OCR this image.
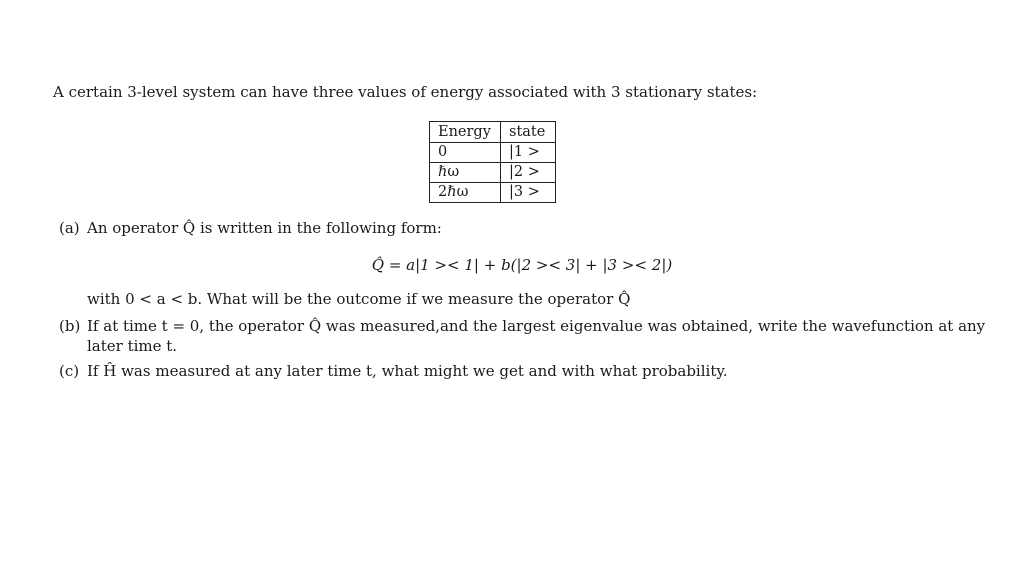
A certain 3-level system can have three values of energy associated with 3 stationary states:
Energy	state
0	|1 >
ℏω	|2 >
2ℏω	|3 >
(a) An operator Q̂ is written in the following form:
Q̂ = a|1 >< 1| + b(|2 >< 3| + |3 >< 2|)
with 0 < a < b. What will be the outcome if we measure the operator Q̂
(b) If at time t = 0, the operator Q̂ was measured,and the largest eigenvalue was obtained, write the wavefunction at any
later time t.
(c) If Ĥ was measured at any later time t, what might we get and with what probability.
